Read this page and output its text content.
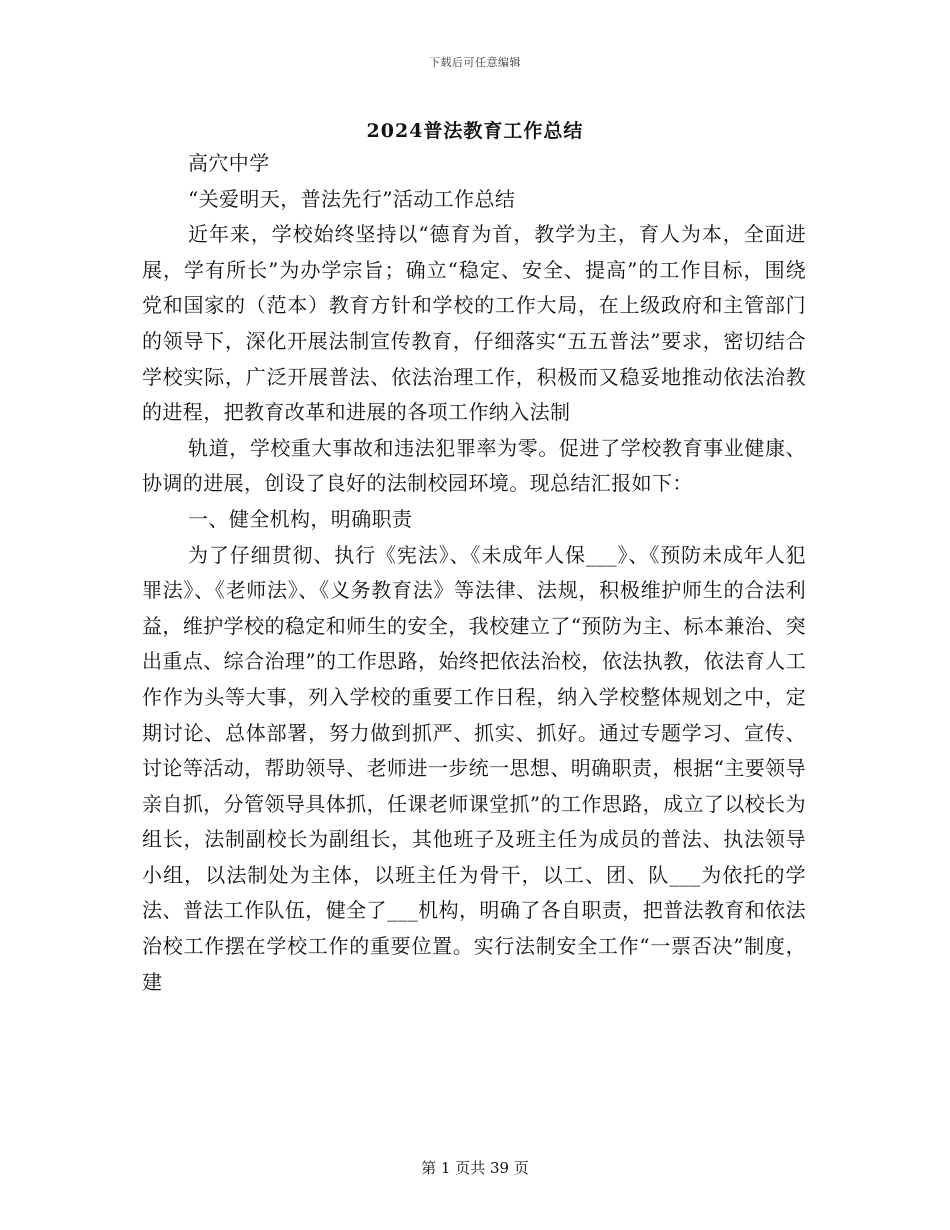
下载后可任意编辑
2024普法教育工作总结

高穴中学

“关爱明天，普法先行”活动工作总结

近年来，学校始终坚持以“德育为首，教学为主，育人为本，全面进展，学有所长”为办学宗旨；确立“稳定、安全、提高”的工作目标，围绕党和国家的（范本）教育方针和学校的工作大局，在上级政府和主管部门的领导下，深化开展法制宣传教育，仔细落实“五五普法”要求，密切结合学校实际，广泛开展普法、依法治理工作，积极而又稳妥地推动依法治教的进程，把教育改革和进展的各项工作纳入法制

轨道，学校重大事故和违法犯罪率为零。促进了学校教育事业健康、协调的进展，创设了良好的法制校园环境。现总结汇报如下：

一、健全机构，明确职责

为了仔细贯彻、执行《宪法》、《未成年人保___》、《预防未成年人犯罪法》、《老师法》、《义务教育法》等法律、法规，积极维护师生的合法利益，维护学校的稳定和师生的安全，我校建立了“预防为主、标本兼治、突出重点、综合治理”的工作思路，始终把依法治校，依法执教，依法育人工作作为头等大事，列入学校的重要工作日程，纳入学校整体规划之中，定期讨论、总体部署，努力做到抓严、抓实、抓好。通过专题学习、宣传、讨论等活动，帮助领导、老师进一步统一思想、明确职责，根据“主要领导亲自抓，分管领导具体抓，任课老师课堂抓”的工作思路，成立了以校长为组长，法制副校长为副组长，其他班子及班主任为成员的普法、执法领导小组，以法制处为主体，以班主任为骨干，以工、团、队___为依托的学法、普法工作队伍，健全了___机构，明确了各自职责，把普法教育和依法治校工作摆在学校工作的重要位置。实行法制安全工作“一票否决”制度，建

第 1 页共 39 页
